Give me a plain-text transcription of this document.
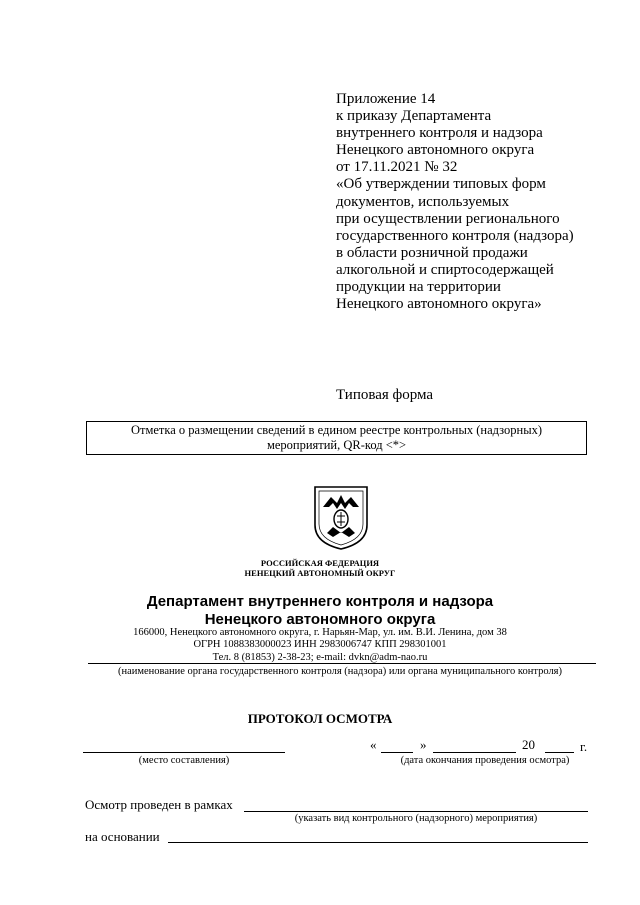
Приложение 14
к приказу Департамента
внутреннего контроля и надзора
Ненецкого автономного округа
от 17.11.2021 № 32
«Об утверждении типовых форм
документов, используемых
при осуществлении регионального
государственного контроля (надзора)
в области розничной продажи
алкогольной и спиртосодержащей
продукции на территории
Ненецкого автономного округа»
Типовая форма
Отметка о размещении сведений в едином реестре контрольных (надзорных)
мероприятий, QR-код <*>
РОССИЙСКАЯ ФЕДЕРАЦИЯ
НЕНЕЦКИЙ АВТОНОМНЫЙ ОКРУГ
Департамент внутреннего контроля и надзора
Ненецкого автономного округа
166000, Ненецкого автономного округа, г. Нарьян-Мар, ул. им. В.И. Ленина, дом 38
ОГРН 1088383000023 ИНН 2983006747 КПП 298301001
Тел. 8 (81853) 2-38-23; e-mail: dvkn@adm-nao.ru
(наименование органа государственного контроля (надзора) или органа муниципального контроля)
ПРОТОКОЛ ОСМОТРА
(место составления)
«	»	20	г.
(дата окончания проведения осмотра)
Осмотр проведен в рамках
(указать вид контрольного (надзорного) мероприятия)
на основании
